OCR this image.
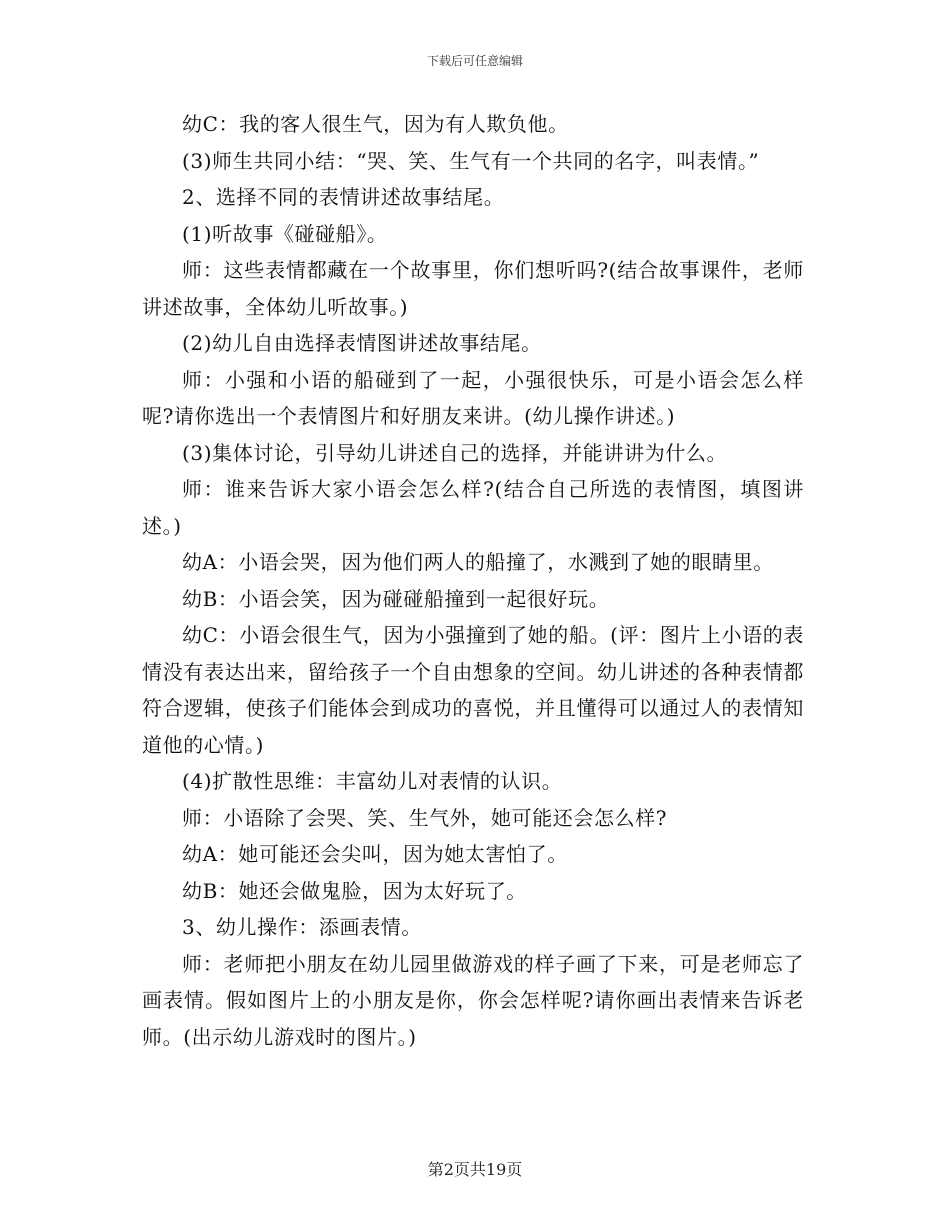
下载后可任意编辑

幼C：我的客人很生气，因为有人欺负他。

(3)师生共同小结：“哭、笑、生气有一个共同的名字，叫表情。”

2、选择不同的表情讲述故事结尾。

(1)听故事《碰碰船》。

师：这些表情都藏在一个故事里，你们想听吗?(结合故事课件，老师讲述故事，全体幼儿听故事。)

(2)幼儿自由选择表情图讲述故事结尾。

师：小强和小语的船碰到了一起，小强很快乐，可是小语会怎么样呢?请你选出一个表情图片和好朋友来讲。(幼儿操作讲述。)

(3)集体讨论，引导幼儿讲述自己的选择，并能讲讲为什么。

师：谁来告诉大家小语会怎么样?(结合自己所选的表情图，填图讲述。)

幼A：小语会哭，因为他们两人的船撞了，水溅到了她的眼睛里。

幼B：小语会笑，因为碰碰船撞到一起很好玩。

幼C：小语会很生气，因为小强撞到了她的船。(评：图片上小语的表情没有表达出来，留给孩子一个自由想象的空间。幼儿讲述的各种表情都符合逻辑，使孩子们能体会到成功的喜悦，并且懂得可以通过人的表情知道他的心情。)

(4)扩散性思维：丰富幼儿对表情的认识。

师：小语除了会哭、笑、生气外，她可能还会怎么样?

幼A：她可能还会尖叫，因为她太害怕了。

幼B：她还会做鬼脸，因为太好玩了。

3、幼儿操作：添画表情。

师：老师把小朋友在幼儿园里做游戏的样子画了下来，可是老师忘了画表情。假如图片上的小朋友是你，你会怎样呢?请你画出表情来告诉老师。(出示幼儿游戏时的图片。)

第2页共19页
